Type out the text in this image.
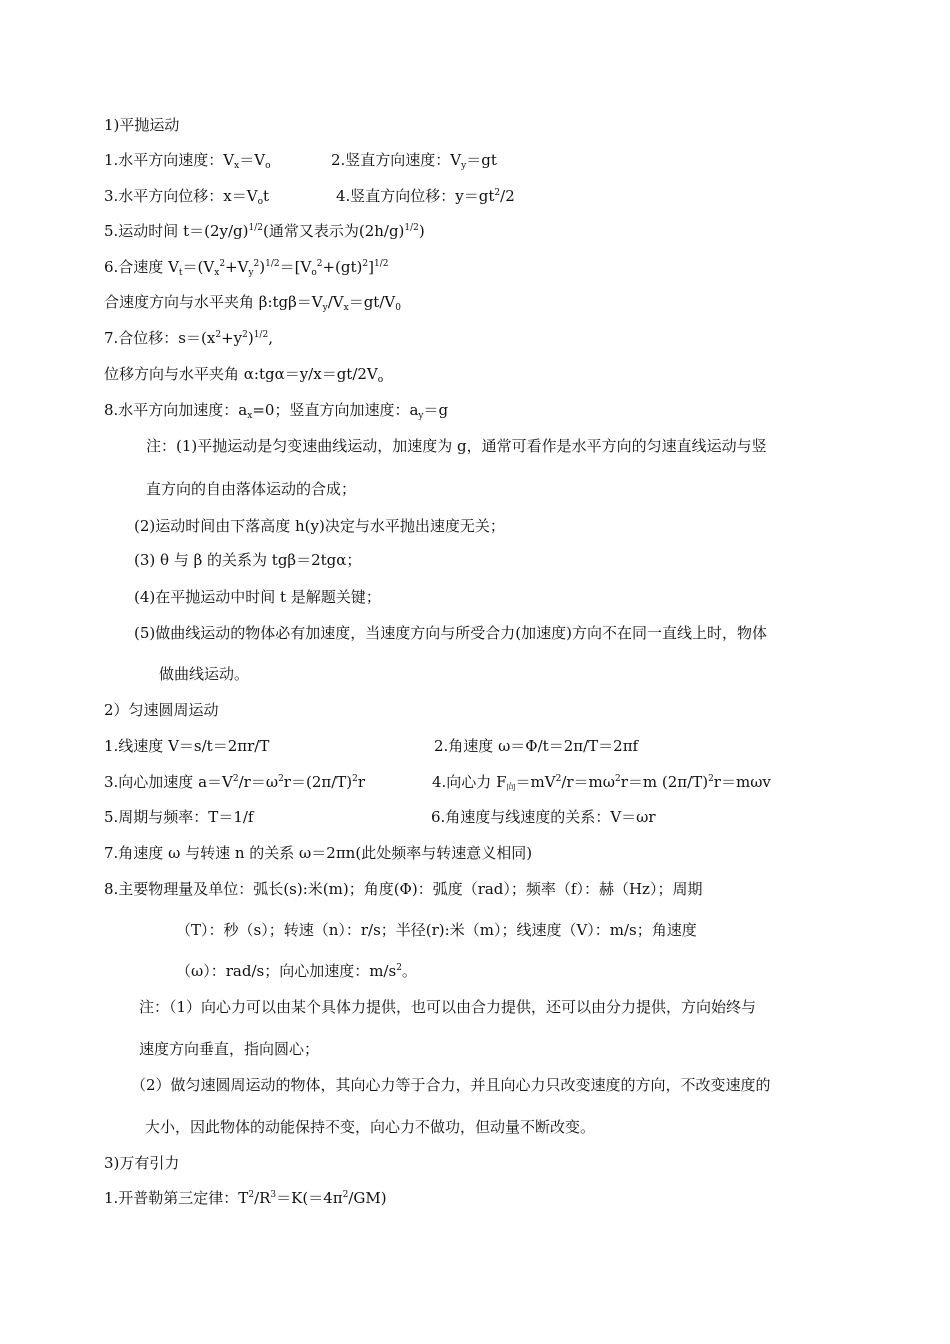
1)平抛运动
1.水平方向速度：$V_x=V_o$	2.竖直方向速度：$V_y=gt$
3.水平方向位移：$x=V_ot$	4.竖直方向位移：$y=gt^2/2$
5.运动时间 $t=(2y/g)^{1/2}$(通常又表示为$(2h/g)^{1/2}$)
6.合速度 $V_t=(V_x^2+V_y^2)^{1/2}=[V_o^2+(gt)^2]^{1/2}$
合速度方向与水平夹角 $\beta:tg\beta=V_y/V_x=gt/V_0$
7.合位移：$s=(x^2+y^2)^{1/2}$,
位移方向与水平夹角 $\alpha:tg\alpha=y/x=gt/2V_o$
8.水平方向加速度：$a_x=0$；竖直方向加速度：$a_y=g$
注：(1)平抛运动是匀变速曲线运动，加速度为 g，通常可看作是水平方向的匀速直线运动与竖
直方向的自由落体运动的合成；
(2)运动时间由下落高度 h(y)决定与水平抛出速度无关；
(3) θ 与 β 的关系为 tgβ＝2tgα；
(4)在平抛运动中时间 t 是解题关键；
(5)做曲线运动的物体必有加速度，当速度方向与所受合力(加速度)方向不在同一直线上时，物体
做曲线运动。
2）匀速圆周运动
1.线速度 V＝s/t＝2πr/T	2.角速度 ω＝Φ/t＝2π/T＝2πf
3.向心加速度 $a=V^2/r=\omega^2r=(2\pi/T)^2r$	4.向心力 $F_向=mV^2/r=m\omega^2r=m$ $(2\pi/T)^2r=m\omega v$
5.周期与频率：T＝1/f	6.角速度与线速度的关系：V＝ωr
7.角速度 ω 与转速 n 的关系 ω＝2πn(此处频率与转速意义相同)
8.主要物理量及单位：弧长(s):米(m)；角度(Φ)：弧度（rad）；频率（f）：赫（Hz）；周期
（T）：秒（s）；转速（n）：r/s；半径(r):米（m）；线速度（V）：m/s；角速度
（ω）：rad/s；向心加速度：$m/s^2$。
注：（1）向心力可以由某个具体力提供，也可以由合力提供，还可以由分力提供，方向始终与
速度方向垂直，指向圆心；
（2）做匀速圆周运动的物体，其向心力等于合力，并且向心力只改变速度的方向，不改变速度的
大小，因此物体的动能保持不变，向心力不做功，但动量不断改变。
3)万有引力
1.开普勒第三定律：$T^2/R^3=K(=4\pi^2/GM)$
